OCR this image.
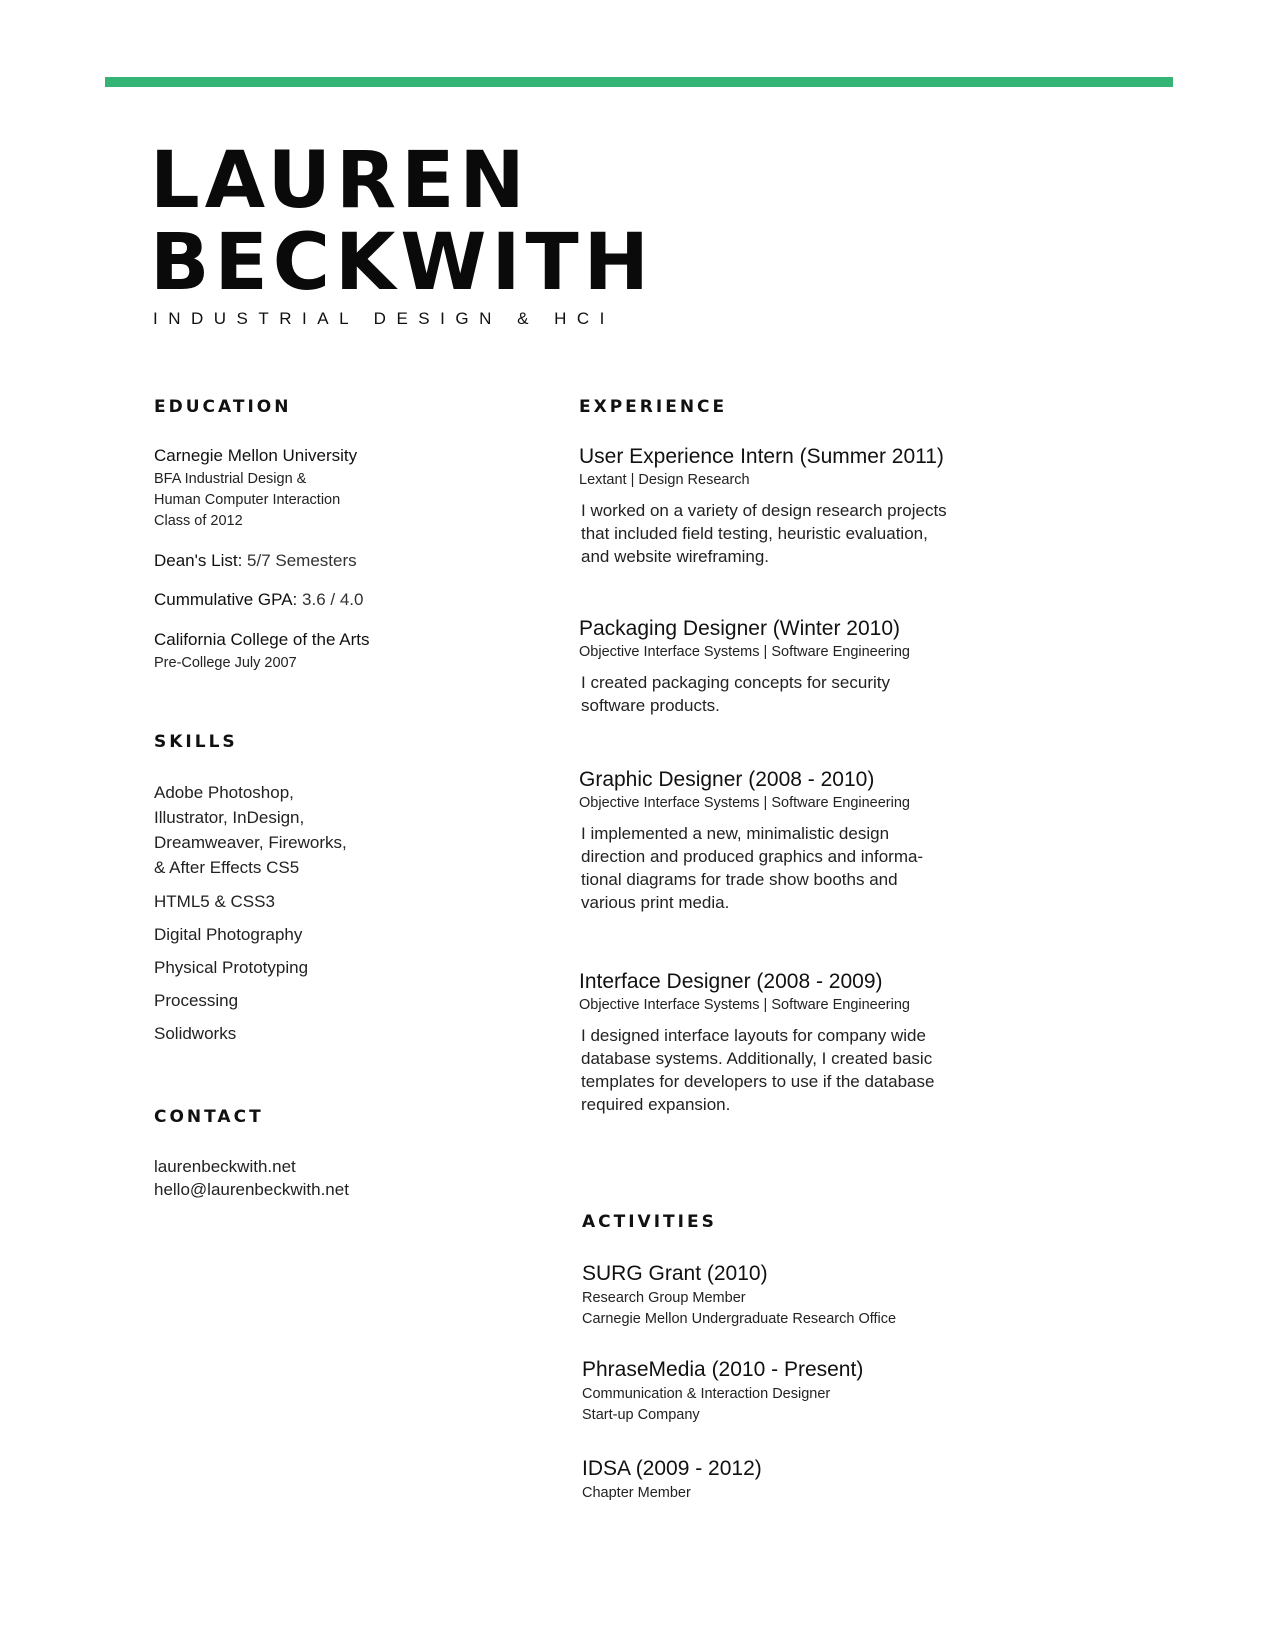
LAUREN
BECKWITH
INDUSTRIAL DESIGN & HCI
EDUCATION
Carnegie Mellon University
BFA Industrial Design &
Human Computer Interaction
Class of 2012
Dean's List: 5/7 Semesters
Cummulative GPA: 3.6 / 4.0
California College of the Arts
Pre-College July 2007
SKILLS
Adobe Photoshop,
Illustrator, InDesign,
Dreamweaver, Fireworks,
& After Effects CS5
HTML5 & CSS3
Digital Photography
Physical Prototyping
Processing
Solidworks
CONTACT
laurenbeckwith.net
hello@laurenbeckwith.net
EXPERIENCE
User Experience Intern (Summer 2011)
Lextant | Design Research
I worked on a variety of design research projects
that included field testing, heuristic evaluation,
and website wireframing.
Packaging Designer (Winter 2010)
Objective Interface Systems | Software Engineering
I created packaging concepts for security
software products.
Graphic Designer (2008 - 2010)
Objective Interface Systems | Software Engineering
I implemented a new, minimalistic design
direction and produced graphics and informa-
tional diagrams for trade show booths and
various print media.
Interface Designer (2008 - 2009)
Objective Interface Systems | Software Engineering
I designed interface layouts for company wide
database systems. Additionally, I created basic
templates for developers to use if the database
required expansion.
ACTIVITIES
SURG Grant (2010)
Research Group Member
Carnegie Mellon Undergraduate Research Office
PhraseMedia (2010 - Present)
Communication & Interaction Designer
Start-up Company
IDSA (2009 - 2012)
Chapter Member
